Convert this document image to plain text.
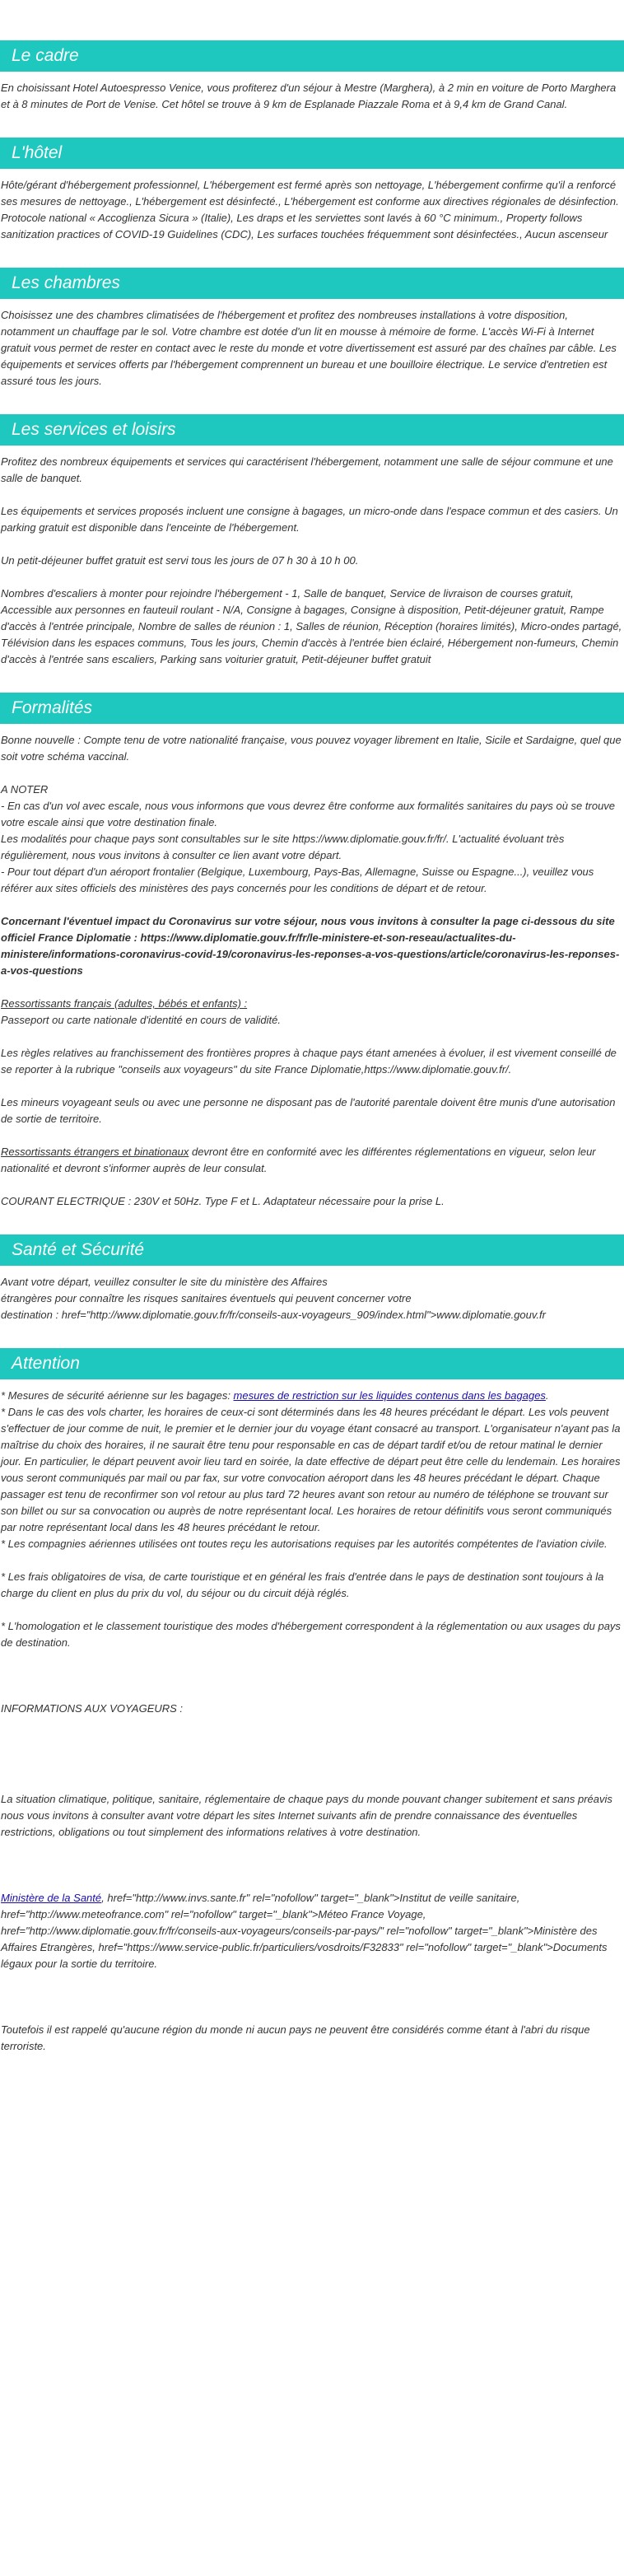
Le cadre

En choisissant Hotel Autoespresso Venice, vous profiterez d'un séjour à Mestre (Marghera), à 2 min en voiture de Porto Marghera et à 8 minutes de Port de Venise. Cet hôtel se trouve à 9 km de Esplanade Piazzale Roma et à 9,4 km de Grand Canal.

L'hôtel

Hôte/gérant d'hébergement professionnel, L'hébergement est fermé après son nettoyage, L'hébergement confirme qu'il a renforcé ses mesures de nettoyage., L'hébergement est désinfecté., L'hébergement est conforme aux directives régionales de désinfection. Protocole national « Accoglienza Sicura » (Italie), Les draps et les serviettes sont lavés à 60 °C minimum., Property follows sanitization practices of COVID-19 Guidelines (CDC), Les surfaces touchées fréquemment sont désinfectées., Aucun ascenseur

Les chambres

Choisissez une des chambres climatisées de l'hébergement et profitez des nombreuses installations à votre disposition, notamment un chauffage par le sol. Votre chambre est dotée d'un lit en mousse à mémoire de forme. L'accès Wi-Fi à Internet gratuit vous permet de rester en contact avec le reste du monde et votre divertissement est assuré par des chaînes par câble. Les équipements et services offerts par l'hébergement comprennent un bureau et une bouilloire électrique. Le service d'entretien est assuré tous les jours.

Les services et loisirs

Profitez des nombreux équipements et services qui caractérisent l'hébergement, notamment une salle de séjour commune et une salle de banquet.

Les équipements et services proposés incluent une consigne à bagages, un micro-onde dans l'espace commun et des casiers. Un parking gratuit est disponible dans l'enceinte de l'hébergement.

Un petit-déjeuner buffet gratuit est servi tous les jours de 07 h 30 à 10 h 00.

Nombres d'escaliers à monter pour rejoindre l'hébergement - 1, Salle de banquet, Service de livraison de courses gratuit, Accessible aux personnes en fauteuil roulant - N/A, Consigne à bagages, Consigne à disposition, Petit-déjeuner gratuit, Rampe d'accès à l'entrée principale, Nombre de salles de réunion : 1, Salles de réunion, Réception (horaires limités), Micro-ondes partagé, Télévision dans les espaces communs, Tous les jours, Chemin d'accès à l'entrée bien éclairé, Hébergement non-fumeurs, Chemin d'accès à l'entrée sans escaliers, Parking sans voiturier gratuit, Petit-déjeuner buffet gratuit

Formalités

Bonne nouvelle : Compte tenu de votre nationalité française, vous pouvez voyager librement en Italie, Sicile et Sardaigne, quel que soit votre schéma vaccinal.

A NOTER
- En cas d'un vol avec escale, nous vous informons que vous devrez être conforme aux formalités sanitaires du pays où se trouve votre escale ainsi que votre destination finale.
Les modalités pour chaque pays sont consultables sur le site https://www.diplomatie.gouv.fr/fr/. L'actualité évoluant très régulièrement, nous vous invitons à consulter ce lien avant votre départ.
- Pour tout départ d'un aéroport frontalier (Belgique, Luxembourg, Pays-Bas, Allemagne, Suisse ou Espagne...), veuillez vous référer aux sites officiels des ministères des pays concernés pour les conditions de départ et de retour.

Concernant l'éventuel impact du Coronavirus sur votre séjour, nous vous invitons à consulter la page ci-dessous du site officiel France Diplomatie : https://www.diplomatie.gouv.fr/fr/le-ministere-et-son-reseau/actualites-du-ministere/informations-coronavirus-covid-19/coronavirus-les-reponses-a-vos-questions/article/coronavirus-les-reponses-a-vos-questions

Ressortissants français (adultes, bébés et enfants) :
Passeport ou carte nationale d'identité en cours de validité.

Les règles relatives au franchissement des frontières propres à chaque pays étant amenées à évoluer, il est vivement conseillé de se reporter à la rubrique "conseils aux voyageurs" du site France Diplomatie,https://www.diplomatie.gouv.fr/.

Les mineurs voyageant seuls ou avec une personne ne disposant pas de l'autorité parentale doivent être munis d'une autorisation de sortie de territoire.

Ressortissants étrangers et binationaux devront être en conformité avec les différentes réglementations en vigueur, selon leur nationalité et devront s'informer auprès de leur consulat.

COURANT ELECTRIQUE : 230V et 50Hz. Type F et L. Adaptateur nécessaire pour la prise L.

Santé et Sécurité

Avant votre départ, veuillez consulter le site du ministère des Affaires
étrangères pour connaître les risques sanitaires éventuels qui peuvent concerner votre
destination : href="http://www.diplomatie.gouv.fr/fr/conseils-aux-voyageurs_909/index.html">www.diplomatie.gouv.fr

Attention

* Mesures de sécurité aérienne sur les bagages: mesures de restriction sur les liquides contenus dans les bagages.
* Dans le cas des vols charter, les horaires de ceux-ci sont déterminés dans les 48 heures précédant le départ. Les vols peuvent s'effectuer de jour comme de nuit, le premier et le dernier jour du voyage étant consacré au transport. L'organisateur n'ayant pas la maîtrise du choix des horaires, il ne saurait être tenu pour responsable en cas de départ tardif et/ou de retour matinal le dernier jour. En particulier, le départ peuvent avoir lieu tard en soirée, la date effective de départ peut être celle du lendemain. Les horaires vous seront communiqués par mail ou par fax, sur votre convocation aéroport dans les 48 heures précédant le départ. Chaque passager est tenu de reconfirmer son vol retour au plus tard 72 heures avant son retour au numéro de téléphone se trouvant sur son billet ou sur sa convocation ou auprès de notre représentant local. Les horaires de retour définitifs vous seront communiqués par notre représentant local dans les 48 heures précédant le retour.
* Les compagnies aériennes utilisées ont toutes reçu les autorisations requises par les autorités compétentes de l'aviation civile.

* Les frais obligatoires de visa, de carte touristique et en général les frais d'entrée dans le pays de destination sont toujours à la charge du client en plus du prix du vol, du séjour ou du circuit déjà réglés.

* L'homologation et le classement touristique des modes d'hébergement correspondent à la réglementation ou aux usages du pays de destination.

INFORMATIONS AUX VOYAGEURS :

La situation climatique, politique, sanitaire, réglementaire de chaque pays du monde pouvant changer subitement et sans préavis
nous vous invitons à consulter avant votre départ les sites Internet suivants afin de prendre connaissance des éventuelles restrictions, obligations ou tout simplement des informations relatives à votre destination.

Ministère de la Santé, href="http://www.invs.sante.fr" rel="nofollow" target="_blank">Institut de veille sanitaire, href="http://www.meteofrance.com" rel="nofollow" target="_blank">Méteo France Voyage, href="http://www.diplomatie.gouv.fr/fr/conseils-aux-voyageurs/conseils-par-pays/" rel="nofollow" target="_blank">Ministère des Affaires Etrangères, href="https://www.service-public.fr/particuliers/vosdroits/F32833" rel="nofollow" target="_blank">Documents légaux pour la sortie du territoire.

Toutefois il est rappelé qu'aucune région du monde ni aucun pays ne peuvent être considérés comme étant à l'abri du risque terroriste.
